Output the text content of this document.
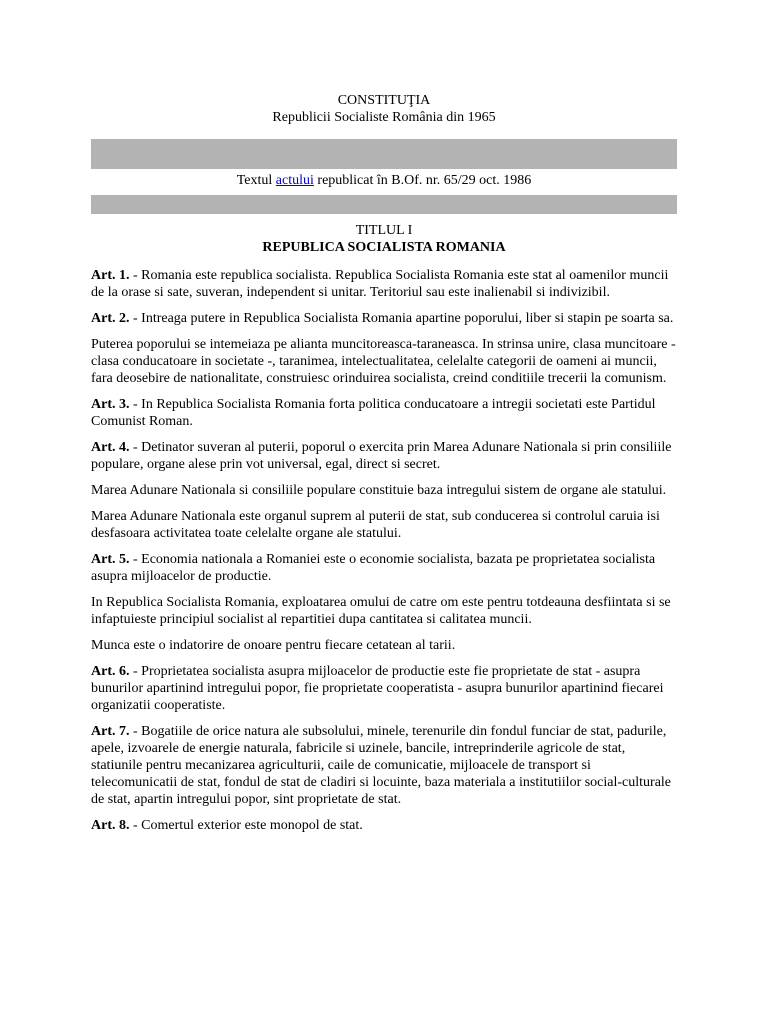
CONSTITUŢIA
Republicii Socialiste România din 1965
Textul actului republicat în B.Of. nr. 65/29 oct. 1986
TITLUL I
REPUBLICA SOCIALISTA ROMANIA

Art. 1. - Romania este republica socialista. Republica Socialista Romania este stat al oamenilor muncii de la orase si sate, suveran, independent si unitar. Teritoriul sau este inalienabil si indivizibil.

Art. 2. - Intreaga putere in Republica Socialista Romania apartine poporului, liber si stapin pe soarta sa.

Puterea poporului se intemeiaza pe alianta muncitoreasca-taraneasca. In strinsa unire, clasa muncitoare - clasa conducatoare in societate -, taranimea, intelectualitatea, celelalte categorii de oameni ai muncii, fara deosebire de nationalitate, construiesc orinduirea socialista, creind conditiile trecerii la comunism.

Art. 3. - In Republica Socialista Romania forta politica conducatoare a intregii societati este Partidul Comunist Roman.

Art. 4. - Detinator suveran al puterii, poporul o exercita prin Marea Adunare Nationala si prin consiliile populare, organe alese prin vot universal, egal, direct si secret.

Marea Adunare Nationala si consiliile populare constituie baza intregului sistem de organe ale statului.

Marea Adunare Nationala este organul suprem al puterii de stat, sub conducerea si controlul caruia isi desfasoara activitatea toate celelalte organe ale statului.

Art. 5. - Economia nationala a Romaniei este o economie socialista, bazata pe proprietatea socialista asupra mijloacelor de productie.

In Republica Socialista Romania, exploatarea omului de catre om este pentru totdeauna desfiintata si se infaptuieste principiul socialist al repartitiei dupa cantitatea si calitatea muncii.

Munca este o indatorire de onoare pentru fiecare cetatean al tarii.

Art. 6. - Proprietatea socialista asupra mijloacelor de productie este fie proprietate de stat - asupra bunurilor apartinind intregului popor, fie proprietate cooperatista - asupra bunurilor apartinind fiecarei organizatii cooperatiste.

Art. 7. - Bogatiile de orice natura ale subsolului, minele, terenurile din fondul funciar de stat, padurile, apele, izvoarele de energie naturala, fabricile si uzinele, bancile, intreprinderile agricole de stat, statiunile pentru mecanizarea agriculturii, caile de comunicatie, mijloacele de transport si telecomunicatii de stat, fondul de stat de cladiri si locuinte, baza materiala a institutiilor social-culturale de stat, apartin intregului popor, sint proprietate de stat.

Art. 8. - Comertul exterior este monopol de stat.
